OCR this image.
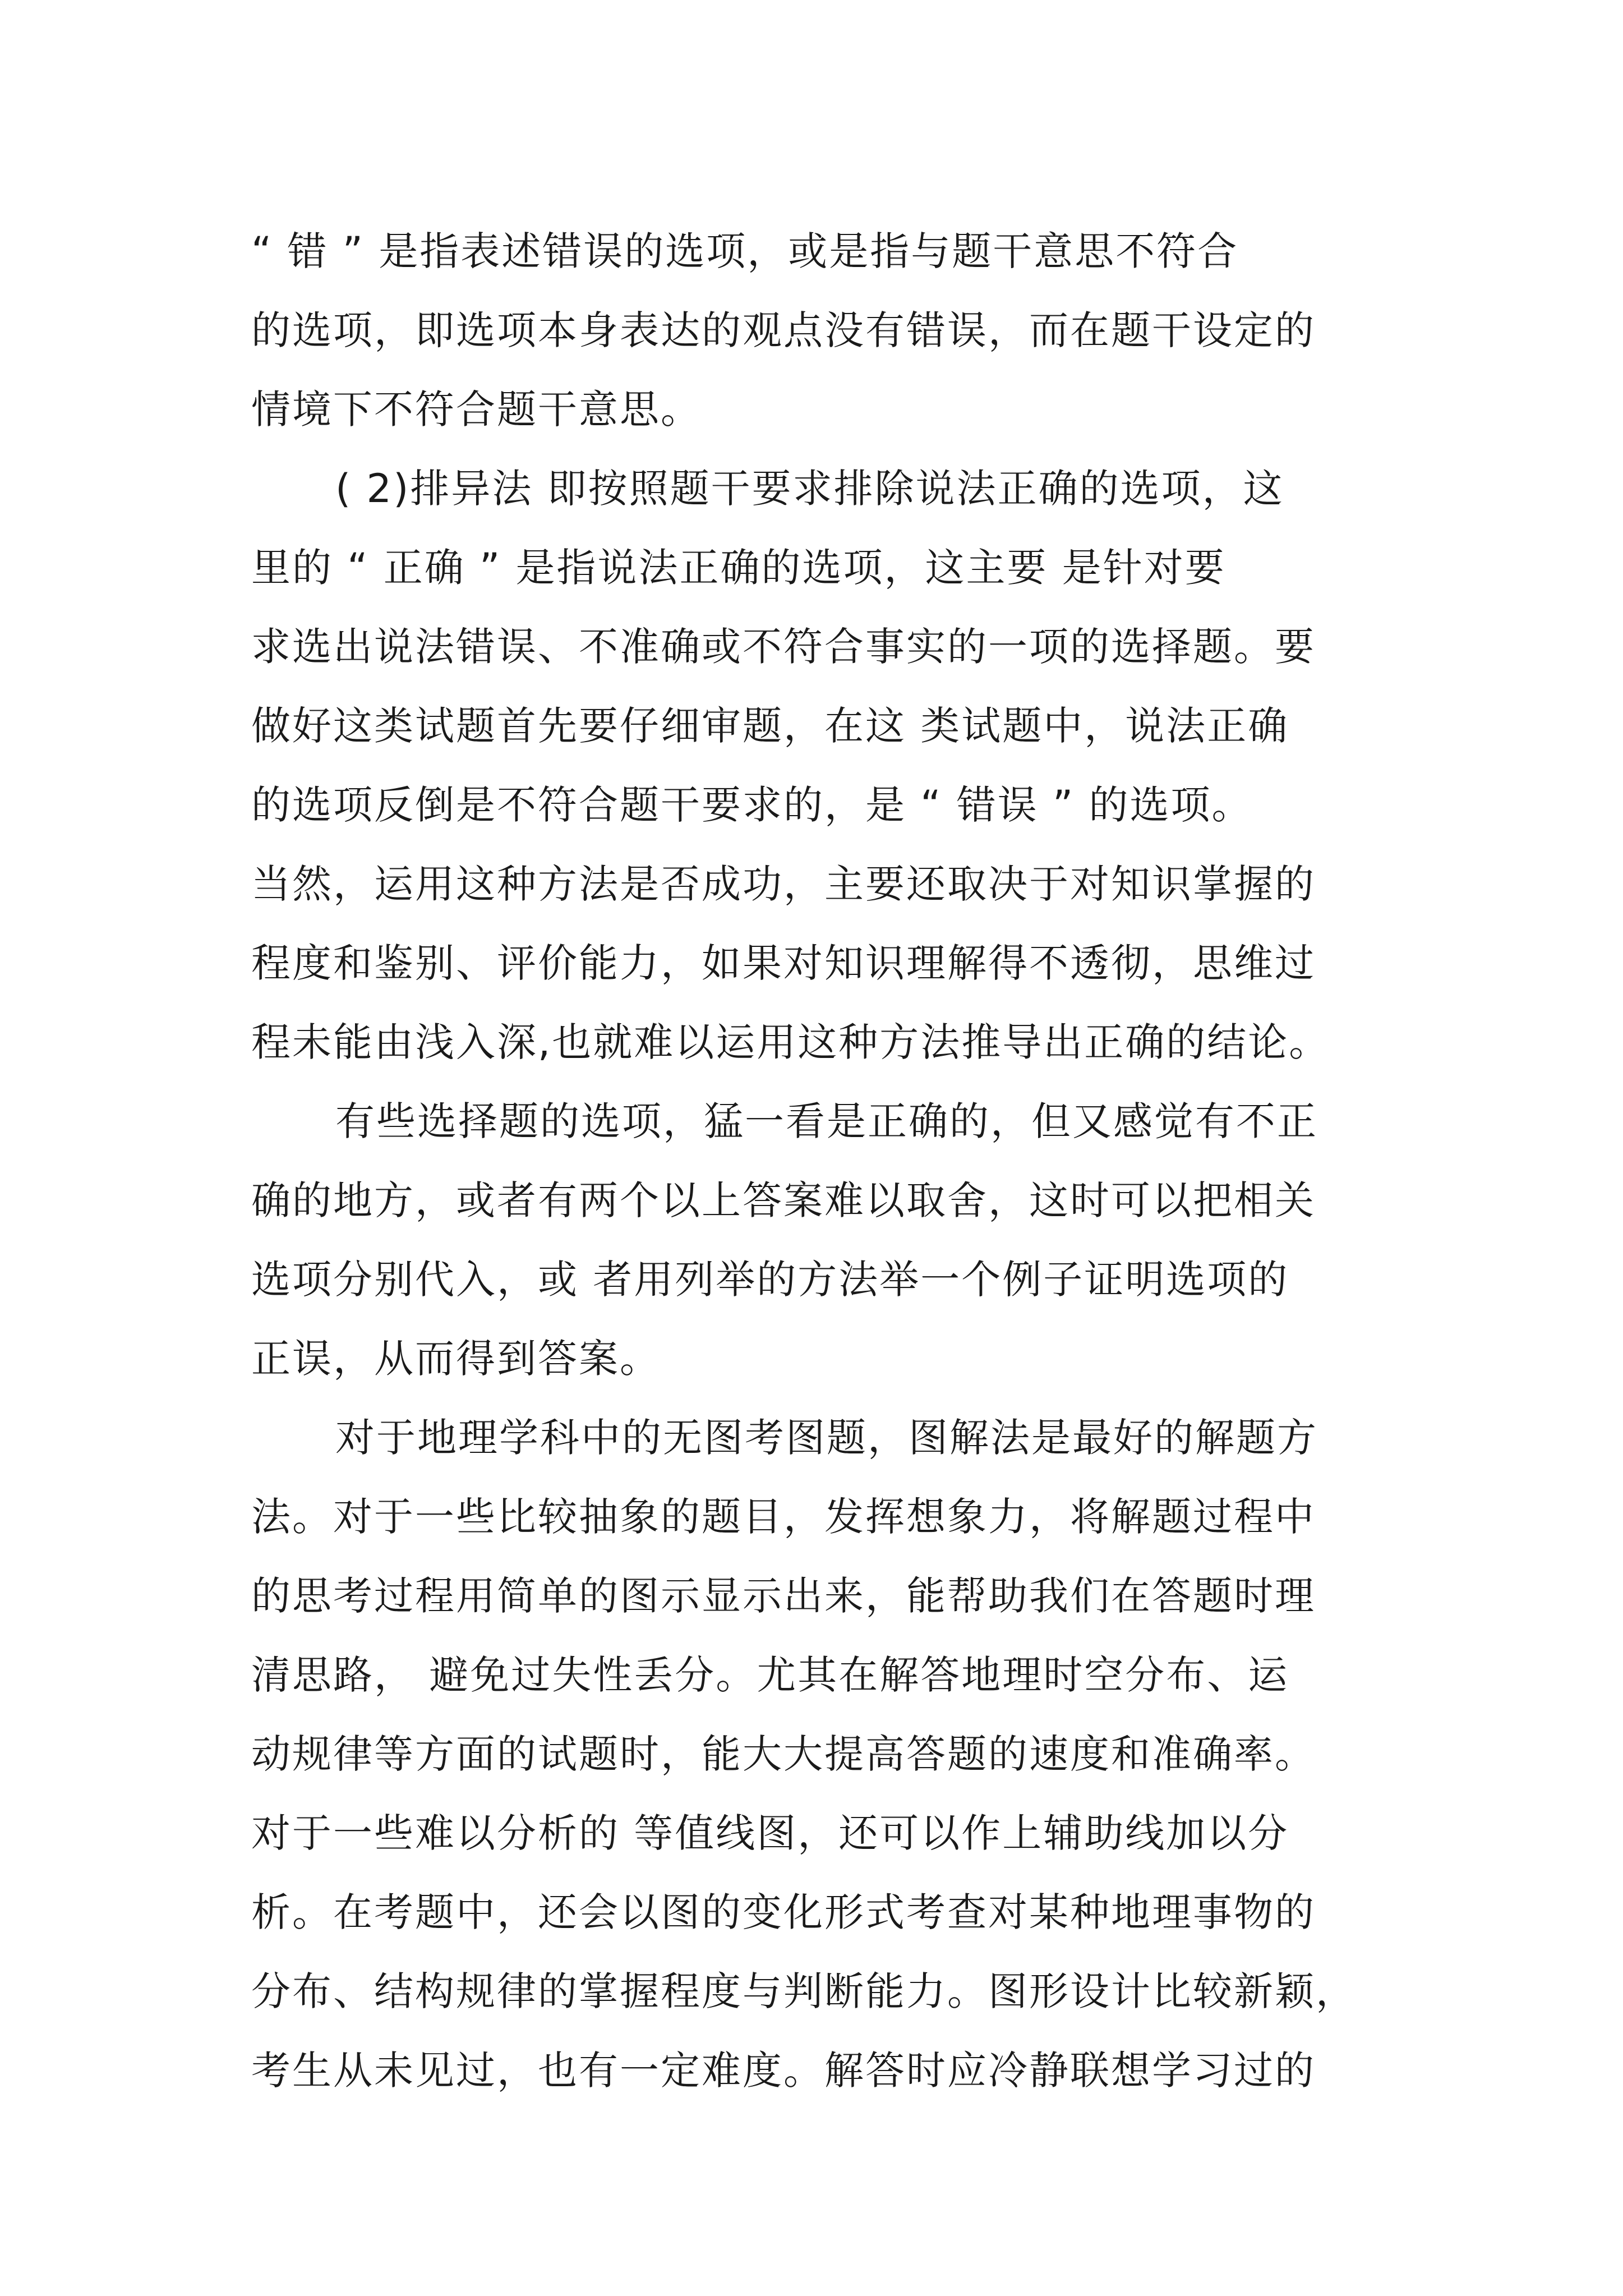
“ 错 ” 是指表述错误的选项，或是指与题干意思不符合

的选项，即选项本身表达的观点没有错误，而在题干设定的

情境下不符合题干意思。

( 2)排异法 即按照题干要求排除说法正确的选项，这

里的 “ 正确 ” 是指说法正确的选项，这主要 是针对要

求选出说法错误、不准确或不符合事实的一项的选择题。要

做好这类试题首先要仔细审题，在这 类试题中，说法正确

的选项反倒是不符合题干要求的，是 “ 错误 ” 的选项。

当然，运用这种方法是否成功，主要还取决于对知识掌握的

程度和鉴别、评价能力，如果对知识理解得不透彻，思维过

程未能由浅入深,也就难以运用这种方法推导出正确的结论。

有些选择题的选项，猛一看是正确的，但又感觉有不正

确的地方，或者有两个以上答案难以取舍，这时可以把相关

选项分别代入，或 者用列举的方法举一个例子证明选项的

正误，从而得到答案。

对于地理学科中的无图考图题，图解法是最好的解题方

法。对于一些比较抽象的题目，发挥想象力，将解题过程中

的思考过程用简单的图示显示出来，能帮助我们在答题时理

清思路， 避免过失性丢分。尤其在解答地理时空分布、运

动规律等方面的试题时，能大大提高答题的速度和准确率。

对于一些难以分析的 等值线图，还可以作上辅助线加以分

析。在考题中，还会以图的变化形式考查对某种地理事物的

分布、结构规律的掌握程度与判断能力。图形设计比较新颖，

考生从未见过，也有一定难度。解答时应冷静联想学习过的
